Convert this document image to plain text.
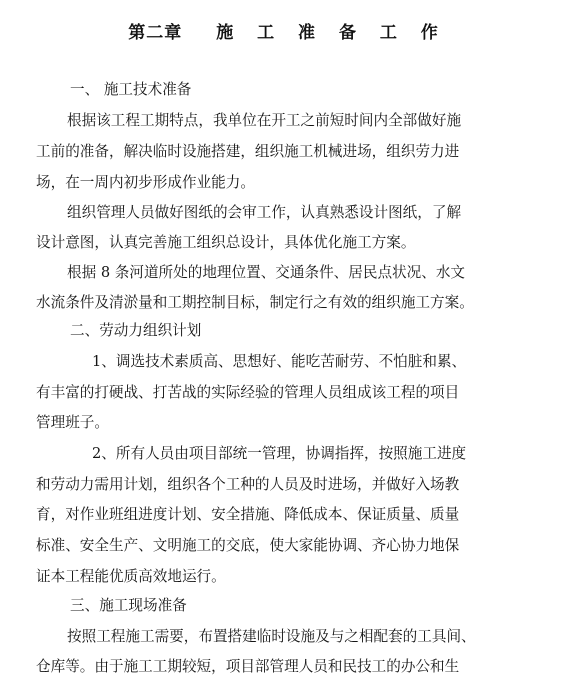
第二章 施 工 准 备 工 作
一、 施工技术准备
根据该工程工期特点，我单位在开工之前短时间内全部做好施
工前的准备，解决临时设施搭建，组织施工机械进场，组织劳力进
场，在一周内初步形成作业能力。
组织管理人员做好图纸的会审工作，认真熟悉设计图纸，了解
设计意图，认真完善施工组织总设计，具体优化施工方案。
根据 8 条河道所处的地理位置、交通条件、居民点状况、水文
水流条件及清淤量和工期控制目标，制定行之有效的组织施工方案。
二、劳动力组织计划
1、调选技术素质高、思想好、能吃苦耐劳、不怕脏和累、
有丰富的打硬战、打苦战的实际经验的管理人员组成该工程的项目
管理班子。
2、所有人员由项目部统一管理，协调指挥，按照施工进度
和劳动力需用计划，组织各个工种的人员及时进场，并做好入场教
育，对作业班组进度计划、安全措施、降低成本、保证质量、质量
标准、安全生产、文明施工的交底，使大家能协调、齐心协力地保
证本工程能优质高效地运行。
三、施工现场准备
按照工程施工需要，布置搭建临时设施及与之相配套的工具间、
仓库等。由于施工工期较短，项目部管理人员和民技工的办公和生
